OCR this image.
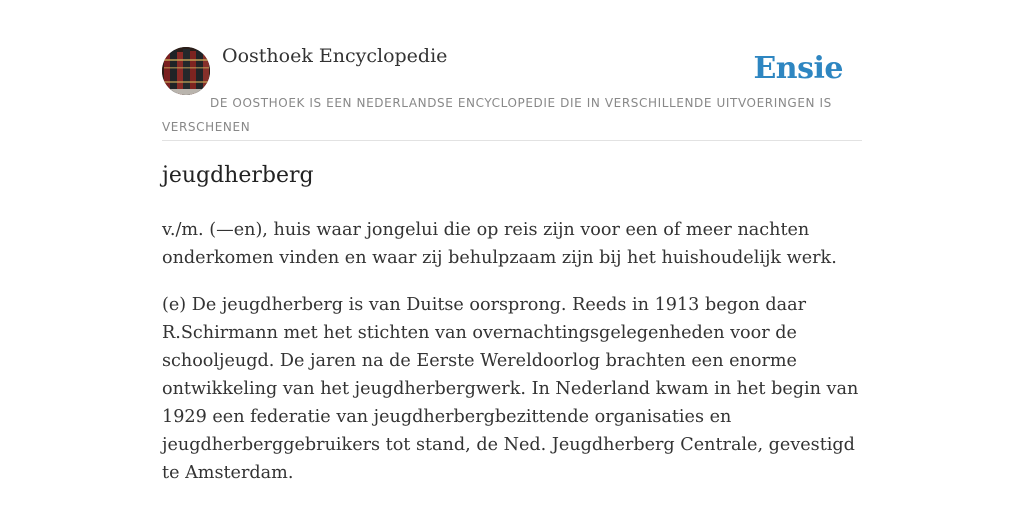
Oosthoek Encyclopedie	Ensie
DE OOSTHOEK IS EEN NEDERLANDSE ENCYCLOPEDIE DIE IN VERSCHILLENDE UITVOERINGEN IS VERSCHENEN
jeugdherberg

v./m. (—en), huis waar jongelui die op reis zijn voor een of meer nachten onderkomen vinden en waar zij behulpzaam zijn bij het huishoudelijk werk.

(e) De jeugdherberg is van Duitse oorsprong. Reeds in 1913 begon daar R.Schirmann met het stichten van overnachtingsgelegenheden voor de schooljeugd. De jaren na de Eerste Wereldoorlog brachten een enorme ontwikkeling van het jeugdherbergwerk. In Nederland kwam in het begin van 1929 een federatie van jeugdherbergbezittende organisaties en jeugdherberggebruikers tot stand, de Ned. Jeugdherberg Centrale, gevestigd te Amsterdam.
